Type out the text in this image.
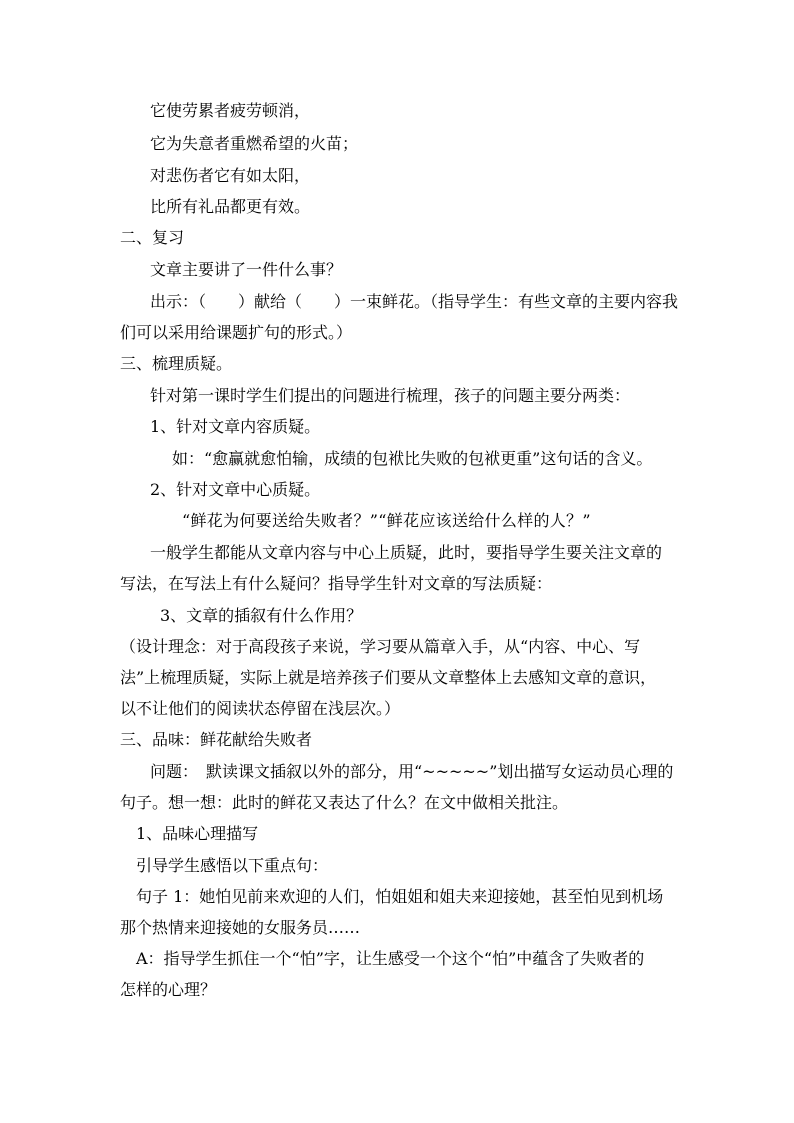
它使劳累者疲劳顿消，
它为失意者重燃希望的火苗；
对悲伤者它有如太阳，
比所有礼品都更有效。
二、复习
文章主要讲了一件什么事？
出示：（　　）献给（　　）一束鲜花。（指导学生：有些文章的主要内容我
们可以采用给课题扩句的形式。）
三、梳理质疑。
针对第一课时学生们提出的问题进行梳理，孩子的问题主要分两类：
1、针对文章内容质疑。
如：“愈赢就愈怕输，成绩的包袱比失败的包袱更重”这句话的含义。
2、针对文章中心质疑。
“鲜花为何要送给失败者？”“鲜花应该送给什么样的人？”
一般学生都能从文章内容与中心上质疑，此时，要指导学生要关注文章的
写法，在写法上有什么疑问？指导学生针对文章的写法质疑：
3、文章的插叙有什么作用？
（设计理念：对于高段孩子来说，学习要从篇章入手，从“内容、中心、写
法”上梳理质疑，实际上就是培养孩子们要从文章整体上去感知文章的意识，
以不让他们的阅读状态停留在浅层次。）
三、品味：鲜花献给失败者
问题：　默读课文插叙以外的部分，用“~~~~~”划出描写女运动员心理的
句子。想一想：此时的鲜花又表达了什么？在文中做相关批注。
1、品味心理描写
引导学生感悟以下重点句：
句子 1：她怕见前来欢迎的人们，怕姐姐和姐夫来迎接她，甚至怕见到机场
那个热情来迎接她的女服务员……
A：指导学生抓住一个“怕”字，让生感受一个这个“怕”中蕴含了失败者的
怎样的心理？
